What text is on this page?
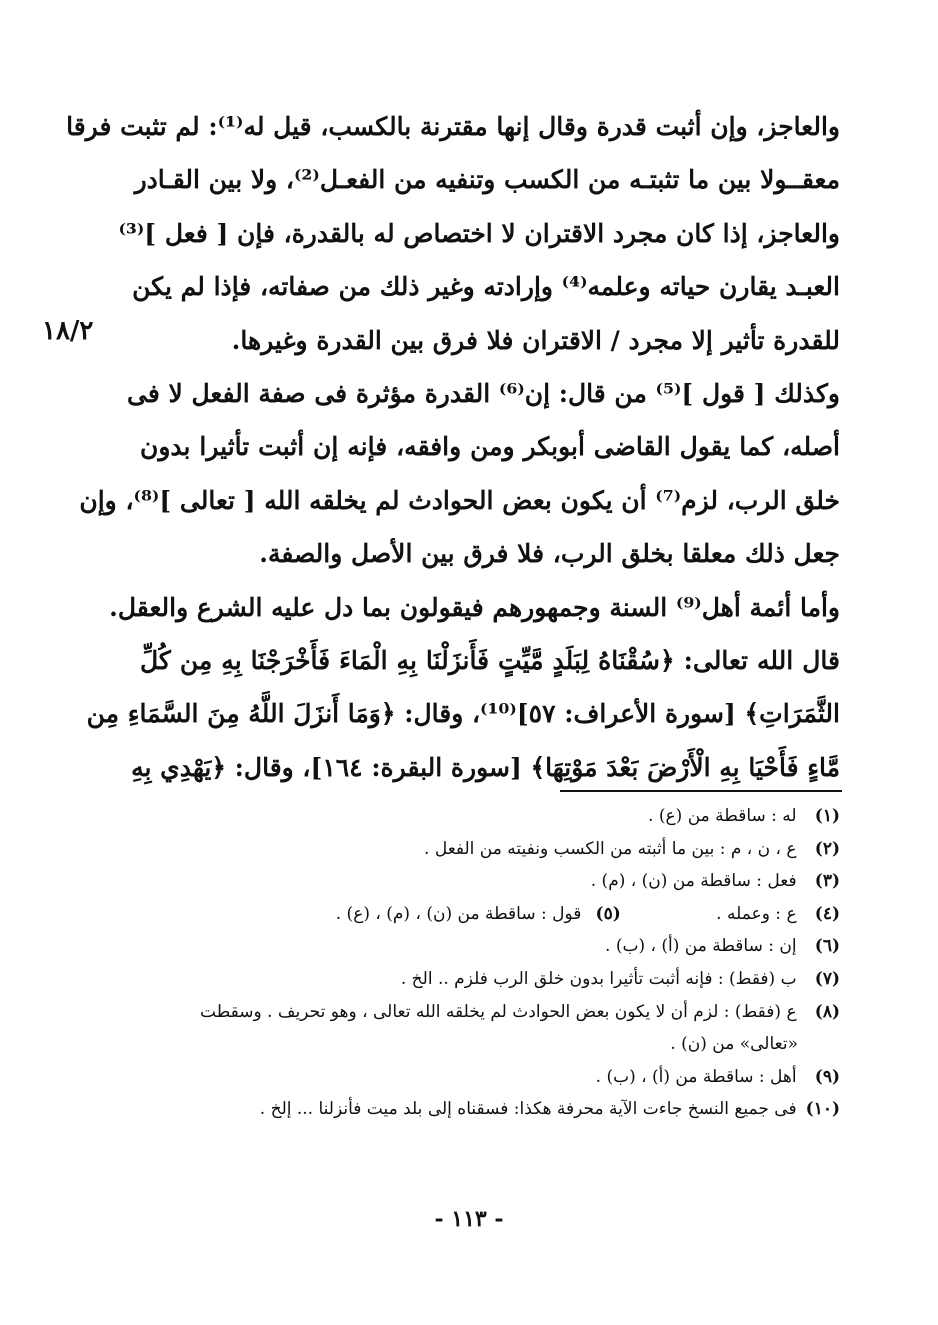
١٨/٢
والعاجز، وإن أثبت قدرة وقال إنها مقترنة بالكسب، قيل له⁽¹⁾: لم تثبت فرقا
معقــولا بين ما تثبتـه من الكسب وتنفيه من الفعـل⁽²⁾، ولا بين القـادر
والعاجز، إذا كان مجرد الاقتران لا اختصاص له بالقدرة، فإن [ فعل ]⁽³⁾
العبـد يقارن حياته وعلمه⁽⁴⁾ وإرادته وغير ذلك من صفاته، فإذا لم يكن
للقدرة تأثير إلا مجرد / الاقتران فلا فرق بين القدرة وغيرها.
وكذلك [ قول ]⁽⁵⁾ من قال: إن⁽⁶⁾ القدرة مؤثرة فى صفة الفعل لا فى
أصله، كما يقول القاضى أبوبكر ومن وافقه، فإنه إن أثبت تأثيرا بدون
خلق الرب، لزم⁽⁷⁾ أن يكون بعض الحوادث لم يخلقه الله [ تعالى ]⁽⁸⁾، وإن
جعل ذلك معلقا بخلق الرب، فلا فرق بين الأصل والصفة.
وأما أئمة أهل⁽⁹⁾ السنة وجمهورهم فيقولون بما دل عليه الشرع والعقل.
قال الله تعالى: ﴿سُقْنَاهُ لِبَلَدٍ مَّيِّتٍ فَأَنزَلْنَا بِهِ الْمَاءَ فَأَخْرَجْنَا بِهِ مِن كُلِّ
الثَّمَرَاتِ﴾ [سورة الأعراف: ٥٧]⁽¹⁰⁾، وقال: ﴿وَمَا أَنزَلَ اللَّهُ مِنَ السَّمَاءِ مِن
مَّاءٍ فَأَحْيَا بِهِ الْأَرْضَ بَعْدَ مَوْتِهَا﴾ [سورة البقرة: ١٦٤]، وقال: ﴿يَهْدِي بِهِ
(١) له : ساقطة من (ع) .
(٢) ع ، ن ، م : بين ما أثبته من الكسب ونفيته من الفعل .
(٣) فعل : ساقطة من (ن) ، (م) .
(٤) ع : وعمله . (٥) قول : ساقطة من (ن) ، (م) ، (ع) .
(٦) إن : ساقطة من (أ) ، (ب) .
(٧) ب (فقط) : فإنه أثبت تأثيرا بدون خلق الرب فلزم .. الخ .
(٨) ع (فقط) : لزم أن لا يكون بعض الحوادث لم يخلقه الله تعالى ، وهو تحريف . وسقطت
«تعالى» من (ن) .
(٩) أهل : ساقطة من (أ) ، (ب) .
(١٠) فى جميع النسخ جاءت الآية محرفة هكذا: فسقناه إلى بلد ميت فأنزلنا ... إلخ .
- ١١٣ -
